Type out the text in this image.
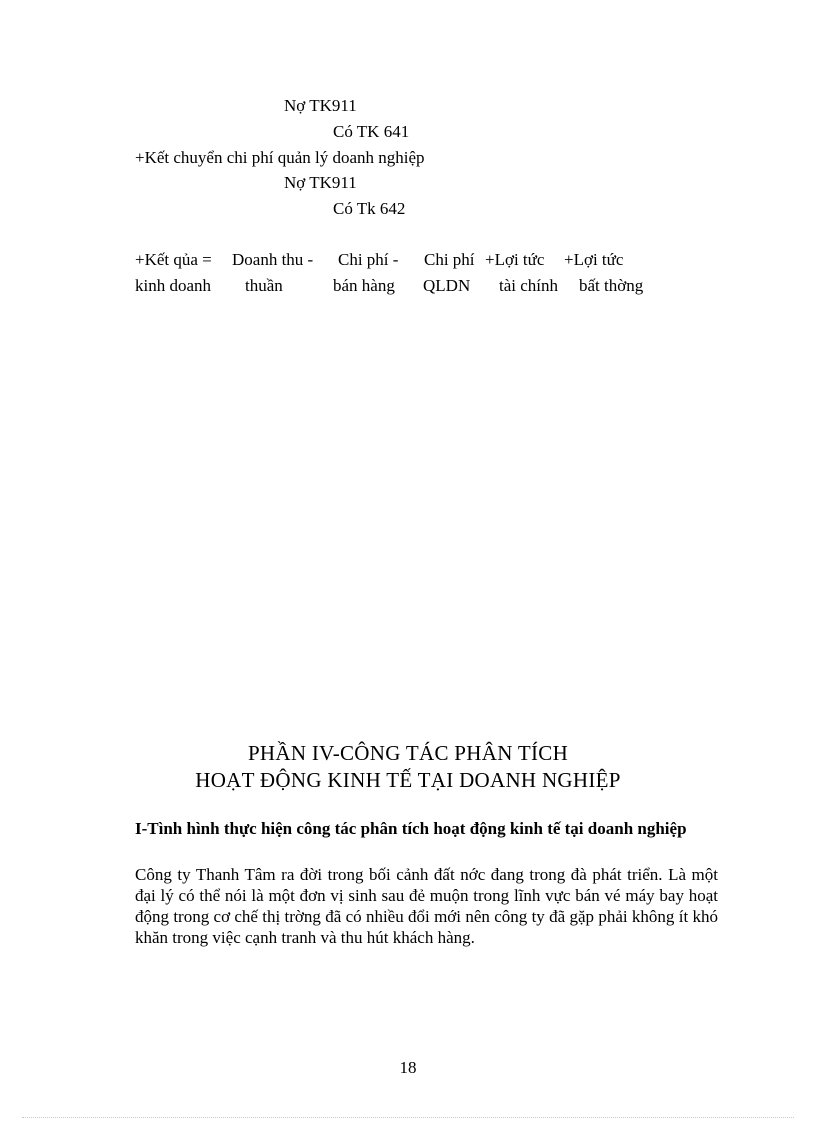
Nợ TK911
Có TK 641
+Kết chuyển chi phí quản lý doanh nghiệp
Nợ TK911
Có Tk 642
+Kết qủa = Doanh thu - Chi phí - Chi phí +Lợi tức +Lợi tức
kinh doanh thuần	bán hàng QLDN tài chính bất thờng
PHẦN IV-CÔNG TÁC PHÂN TÍCH
HOẠT ĐỘNG KINH TẾ TẠI DOANH NGHIỆP
I-Tình hình thực hiện công tác phân tích hoạt động kinh tế tại doanh nghiệp
Công ty Thanh Tâm ra đời trong bối cảnh đất nớc đang trong đà phát triển. Là một đại lý có thể nói là một đơn vị sinh sau đẻ muộn trong lĩnh vực bán vé máy bay hoạt động trong cơ chế thị trờng đã có nhiều đổi mới nên công ty đã gặp phải không ít khó khăn trong việc cạnh tranh và thu hút khách hàng.
18
